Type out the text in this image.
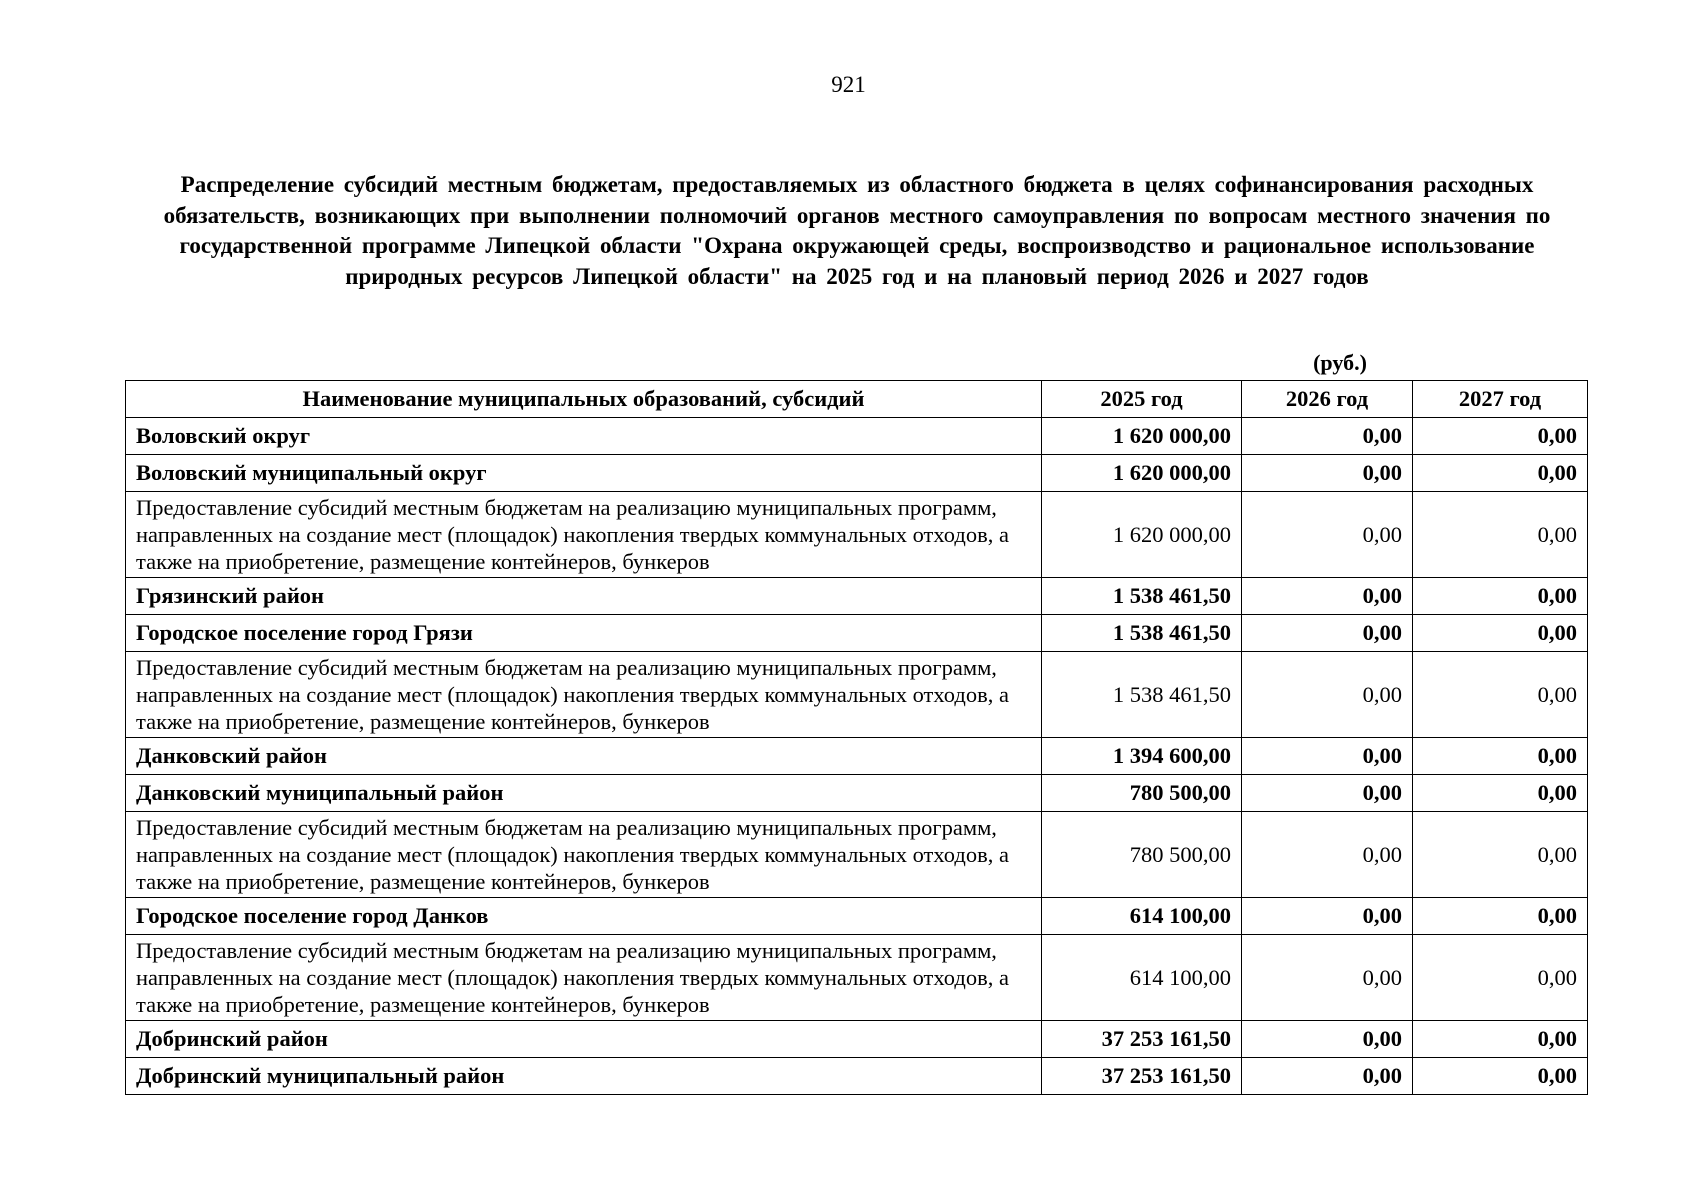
921
Распределение субсидий местным бюджетам, предоставляемых из областного бюджета в целях софинансирования расходных обязательств, возникающих при выполнении полномочий органов местного самоуправления по вопросам местного значения по государственной программе Липецкой области "Охрана окружающей среды, воспроизводство и рациональное использование природных ресурсов Липецкой области" на 2025 год и на плановый период 2026 и 2027 годов
(руб.)
Наименование муниципальных образований, субсидий	2025 год	2026 год	2027 год
Воловский округ	1 620 000,00	0,00	0,00
Воловский муниципальный округ	1 620 000,00	0,00	0,00
Предоставление субсидий местным бюджетам на реализацию муниципальных программ, направленных на создание мест (площадок) накопления твердых коммунальных отходов, а также на приобретение, размещение контейнеров, бункеров	1 620 000,00	0,00	0,00
Грязинский район	1 538 461,50	0,00	0,00
Городское поселение город Грязи	1 538 461,50	0,00	0,00
Предоставление субсидий местным бюджетам на реализацию муниципальных программ, направленных на создание мест (площадок) накопления твердых коммунальных отходов, а также на приобретение, размещение контейнеров, бункеров	1 538 461,50	0,00	0,00
Данковский район	1 394 600,00	0,00	0,00
Данковский муниципальный район	780 500,00	0,00	0,00
Предоставление субсидий местным бюджетам на реализацию муниципальных программ, направленных на создание мест (площадок) накопления твердых коммунальных отходов, а также на приобретение, размещение контейнеров, бункеров	780 500,00	0,00	0,00
Городское поселение город Данков	614 100,00	0,00	0,00
Предоставление субсидий местным бюджетам на реализацию муниципальных программ, направленных на создание мест (площадок) накопления твердых коммунальных отходов, а также на приобретение, размещение контейнеров, бункеров	614 100,00	0,00	0,00
Добринский район	37 253 161,50	0,00	0,00
Добринский муниципальный район	37 253 161,50	0,00	0,00
